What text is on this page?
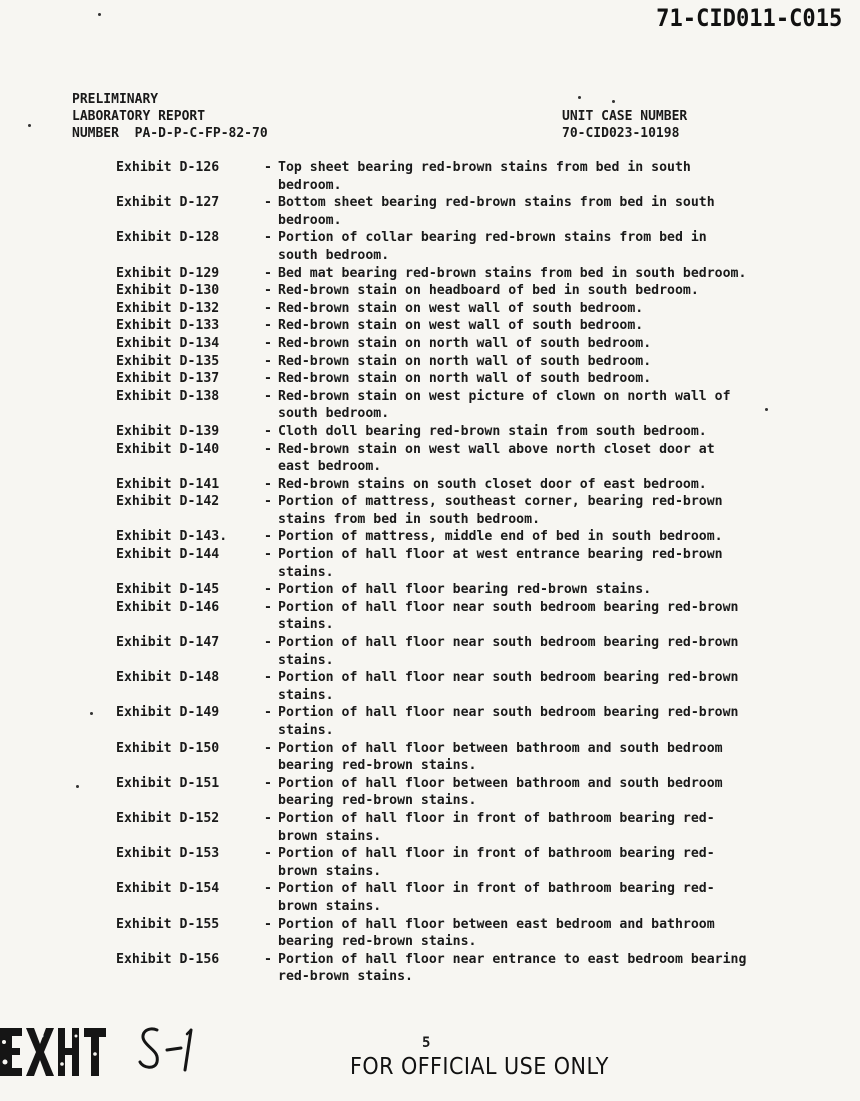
71-CID011-C015
PRELIMINARY
LABORATORY REPORT
NUMBER  PA-D-P-C-FP-82-70
UNIT CASE NUMBER
70-CID023-10198
Exhibit D-126	- Top sheet bearing red-brown stains from bed in south
bedroom.
Exhibit D-127	- Bottom sheet bearing red-brown stains from bed in south
bedroom.
Exhibit D-128	- Portion of collar bearing red-brown stains from bed in
south bedroom.
Exhibit D-129	- Bed mat bearing red-brown stains from bed in south bedroom.
Exhibit D-130	- Red-brown stain on headboard of bed in south bedroom.
Exhibit D-132	- Red-brown stain on west wall of south bedroom.
Exhibit D-133	- Red-brown stain on west wall of south bedroom.
Exhibit D-134	- Red-brown stain on north wall of south bedroom.
Exhibit D-135	- Red-brown stain on north wall of south bedroom.
Exhibit D-137	- Red-brown stain on north wall of south bedroom.
Exhibit D-138	- Red-brown stain on west picture of clown on north wall of
south bedroom.
Exhibit D-139	- Cloth doll bearing red-brown stain from south bedroom.
Exhibit D-140	- Red-brown stain on west wall above north closet door at
east bedroom.
Exhibit D-141	- Red-brown stains on south closet door of east bedroom.
Exhibit D-142	- Portion of mattress, southeast corner, bearing red-brown
stains from bed in south bedroom.
Exhibit D-143.	- Portion of mattress, middle end of bed in south bedroom.
Exhibit D-144	- Portion of hall floor at west entrance bearing red-brown
stains.
Exhibit D-145	- Portion of hall floor bearing red-brown stains.
Exhibit D-146	- Portion of hall floor near south bedroom bearing red-brown
stains.
Exhibit D-147	- Portion of hall floor near south bedroom bearing red-brown
stains.
Exhibit D-148	- Portion of hall floor near south bedroom bearing red-brown
stains.
Exhibit D-149	- Portion of hall floor near south bedroom bearing red-brown
stains.
Exhibit D-150	- Portion of hall floor between bathroom and south bedroom
bearing red-brown stains.
Exhibit D-151	- Portion of hall floor between bathroom and south bedroom
bearing red-brown stains.
Exhibit D-152	- Portion of hall floor in front of bathroom bearing red-
brown stains.
Exhibit D-153	- Portion of hall floor in front of bathroom bearing red-
brown stains.
Exhibit D-154	- Portion of hall floor in front of bathroom bearing red-
brown stains.
Exhibit D-155	- Portion of hall floor between east bedroom and bathroom
bearing red-brown stains.
Exhibit D-156	- Portion of hall floor near entrance to east bedroom bearing
red-brown stains.
5
FOR OFFICIAL USE ONLY
